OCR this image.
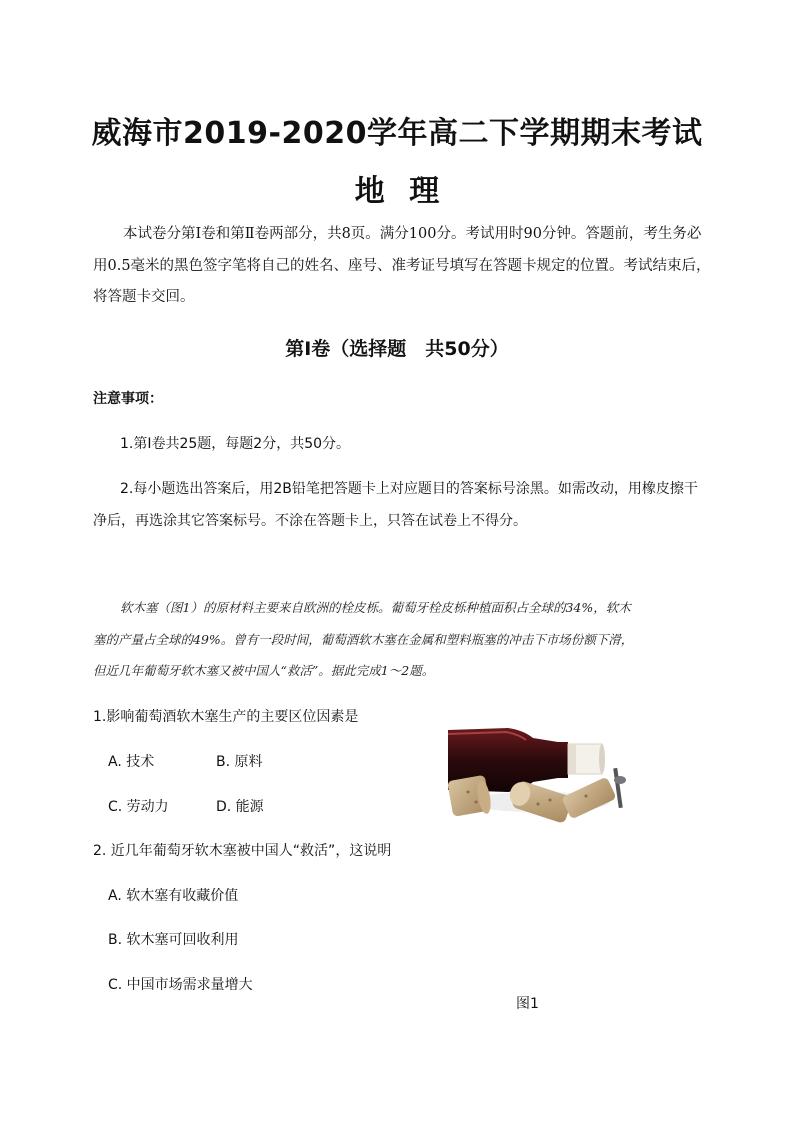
威海市2019-2020学年高二下学期期末考试
地 理

本试卷分第Ⅰ卷和第Ⅱ卷两部分，共8页。满分100分。考试用时90分钟。答题前，考生务必

用0.5毫米的黑色签字笔将自己的姓名、座号、准考证号填写在答题卡规定的位置。考试结束后，

将答题卡交回。

第Ⅰ卷（选择题　共50分）

注意事项：

1.第Ⅰ卷共25题，每题2分，共50分。

2.每小题选出答案后，用2B铅笔把答题卡上对应题目的答案标号涂黑。如需改动，用橡皮擦干

净后，再选涂其它答案标号。不涂在答题卡上，只答在试卷上不得分。

软木塞（图1）的原材料主要来自欧洲的栓皮栎。葡萄牙栓皮栎种植面积占全球的34%，软木

塞的产量占全球的49%。曾有一段时间，葡萄酒软木塞在金属和塑料瓶塞的冲击下市场份额下滑，

但近几年葡萄牙软木塞又被中国人“救活”。据此完成1～2题。

1.影响葡萄酒软木塞生产的主要区位因素是

A. 技术	B. 原料

C. 劳动力	D. 能源

2. 近几年葡萄牙软木塞被中国人“救活”，这说明

A. 软木塞有收藏价值

B. 软木塞可回收利用

C. 中国市场需求量增大

图1
